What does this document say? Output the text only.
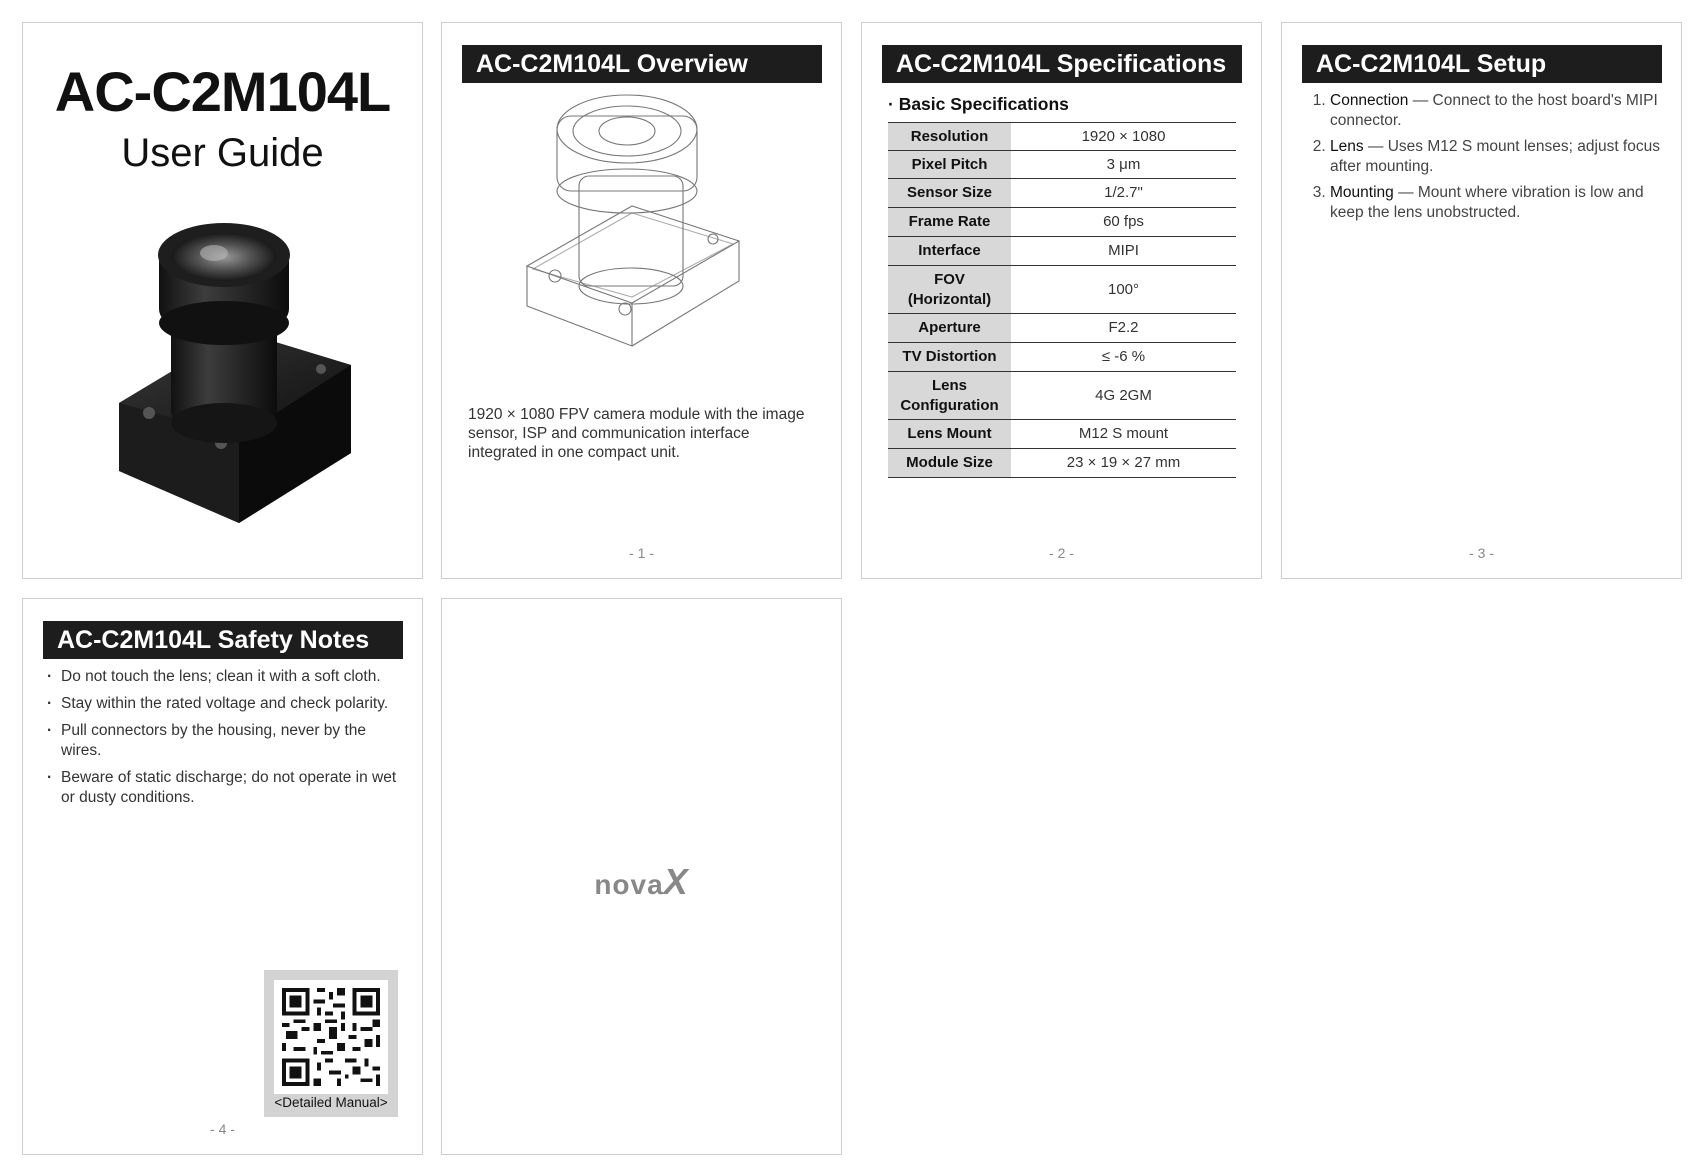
AC-C2M104L
User Guide
AC-C2M104L Overview
1920 × 1080 FPV camera module with the image sensor, ISP and communication interface integrated in one compact unit.
- 1 -
AC-C2M104L Specifications
· Basic Specifications
Resolution	1920 × 1080
Pixel Pitch	3 μm
Sensor Size	1/2.7"
Frame Rate	60 fps
Interface	MIPI
FOV (Horizontal)	100°
Aperture	F2.2
TV Distortion	≤ -6 %
Lens Configuration	4G 2GM
Lens Mount	M12 S mount
Module Size	23 × 19 × 27 mm
- 2 -
AC-C2M104L Setup
1. Connection — Connect to the host board's MIPI connector.
2. Lens — Uses M12 S mount lenses; adjust focus after mounting.
3. Mounting — Mount where vibration is low and keep the lens unobstructed.
- 3 -
AC-C2M104L Safety Notes
· Do not touch the lens; clean it with a soft cloth.
· Stay within the rated voltage and check polarity.
· Pull connectors by the housing, never by the wires.
· Beware of static discharge; do not operate in wet or dusty conditions.
<Detailed Manual>
- 4 -
novaX
